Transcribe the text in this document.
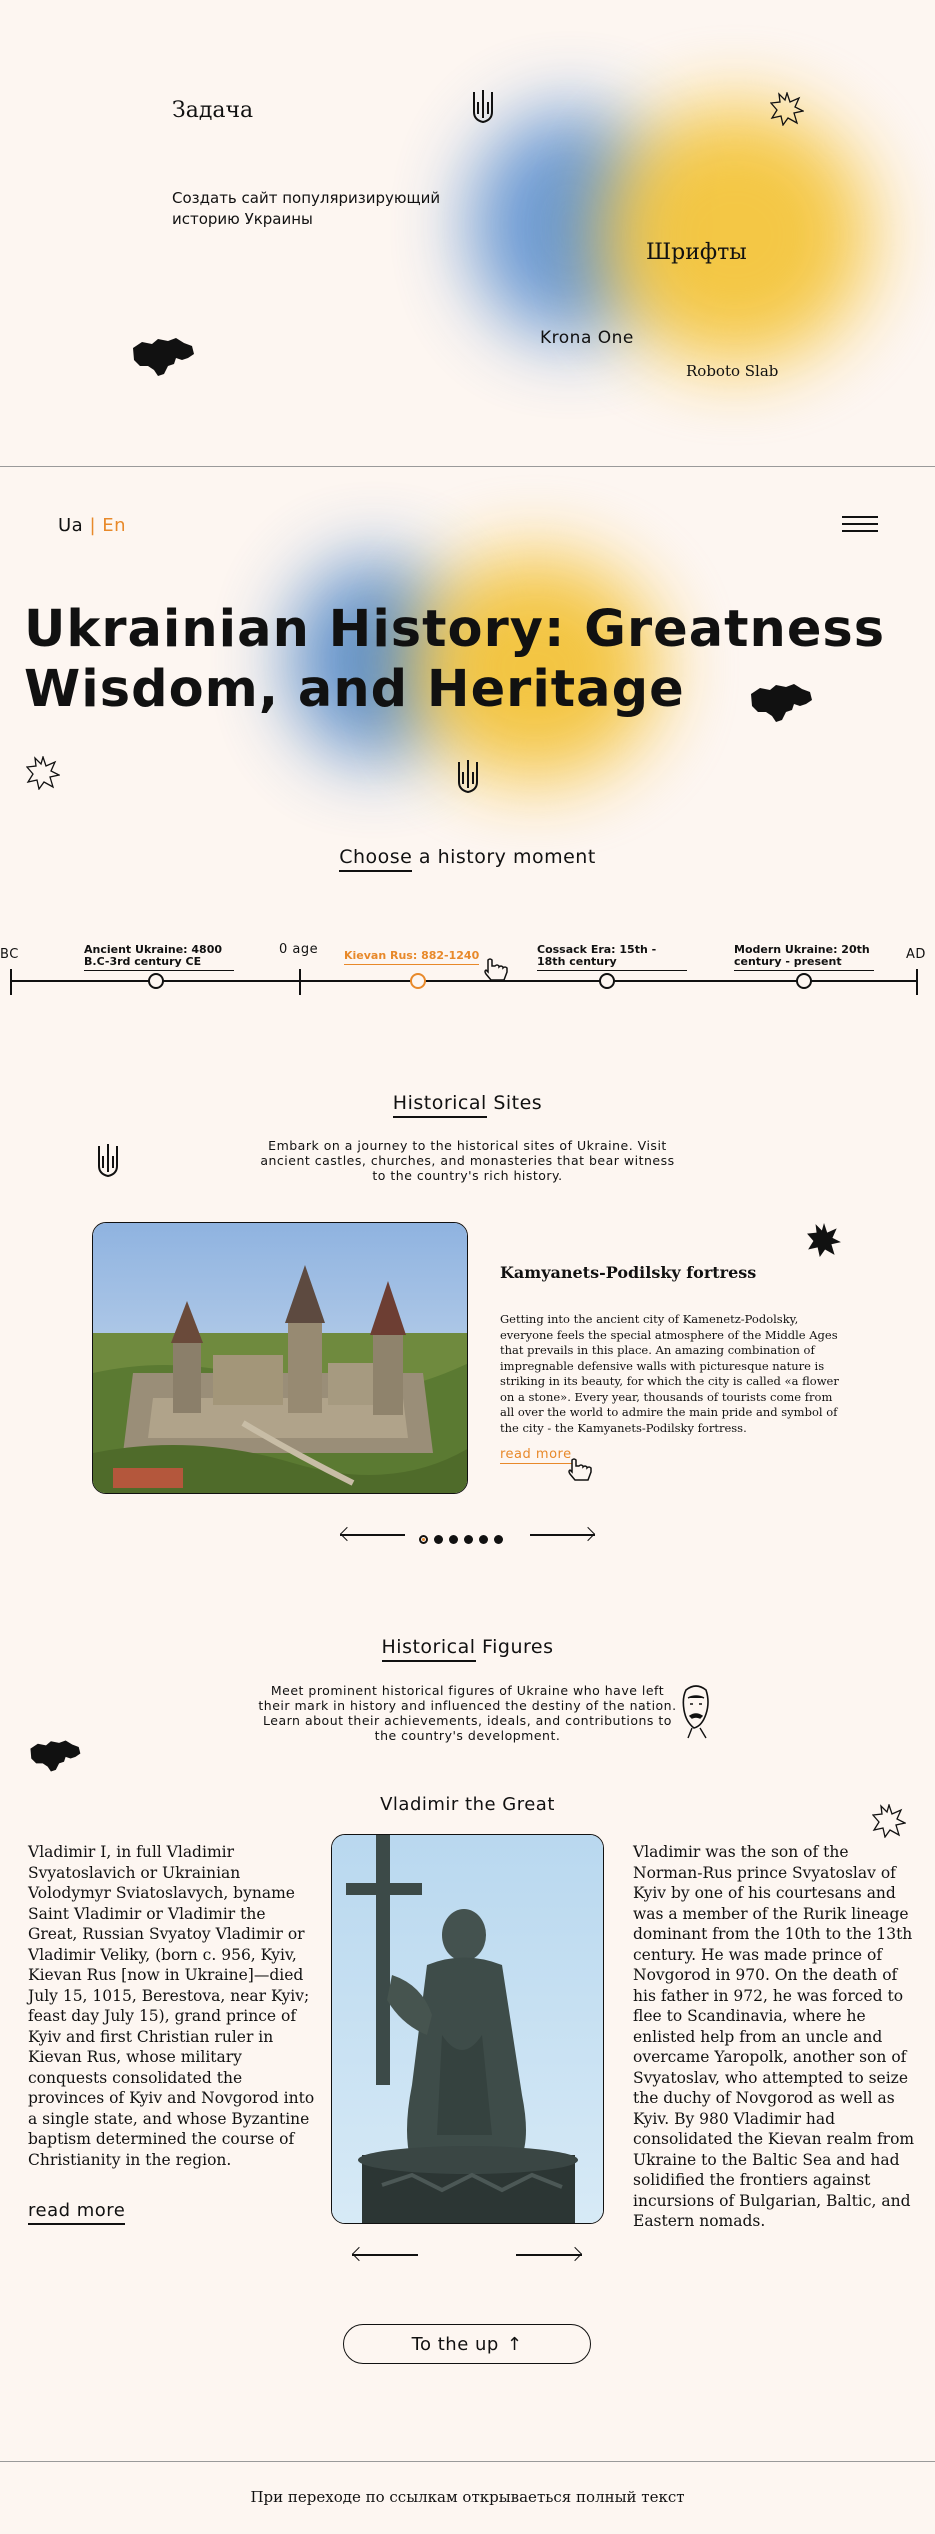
Задача
Создать сайт популяризирующий историю Украины
Шрифты
Krona One
Roboto Slab
Ua | En
Ukrainian History: Greatness
Wisdom, and Heritage
Choose a history moment
BC	AD
0 age
Ancient Ukraine: 4800 B.C-3rd century CE	Kievan Rus: 882-1240	Cossack Era: 15th - 18th century
Modern Ukraine: 20th century - present
Historical Sites
Embark on a journey to the historical sites of Ukraine. Visit ancient castles, churches, and monasteries that bear witness to the country's rich history.
Kamyanets-Podilsky fortress
Getting into the ancient city of Kamenetz-Podolsky, everyone feels the special atmosphere of the Middle Ages that prevails in this place. An amazing combination of impregnable defensive walls with picturesque nature is striking in its beauty, for which the city is called «a flower on a stone». Every year, thousands of tourists come from all over the world to admire the main pride and symbol of the city - the Kamyanets-Podilsky fortress.
read more
Historical Figures
Meet prominent historical figures of Ukraine who have left their mark in history and influenced the destiny of the nation. Learn about their achievements, ideals, and contributions to the country's development.
Vladimir the Great
Vladimir I, in full Vladimir Svyatoslavich or Ukrainian Volodymyr Sviatoslavych, byname Saint Vladimir or Vladimir the Great, Russian Svyatoy Vladimir or Vladimir Veliky, (born c. 956, Kyiv, Kievan Rus [now in Ukraine]—died July 15, 1015, Berestova, near Kyiv; feast day July 15), grand prince of Kyiv and first Christian ruler in Kievan Rus, whose military conquests consolidated the provinces of Kyiv and Novgorod into a single state, and whose Byzantine baptism determined the course of Christianity in the region.
Vladimir was the son of the Norman-Rus prince Svyatoslav of Kyiv by one of his courtesans and was a member of the Rurik lineage dominant from the 10th to the 13th century. He was made prince of Novgorod in 970. On the death of his father in 972, he was forced to flee to Scandinavia, where he enlisted help from an uncle and overcame Yaropolk, another son of Svyatoslav, who attempted to seize the duchy of Novgorod as well as Kyiv. By 980 Vladimir had consolidated the Kievan realm from Ukraine to the Baltic Sea and had solidified the frontiers against incursions of Bulgarian, Baltic, and Eastern nomads.
read more
To the up ↑
При переходе по ссылкам открываеться полный текст
